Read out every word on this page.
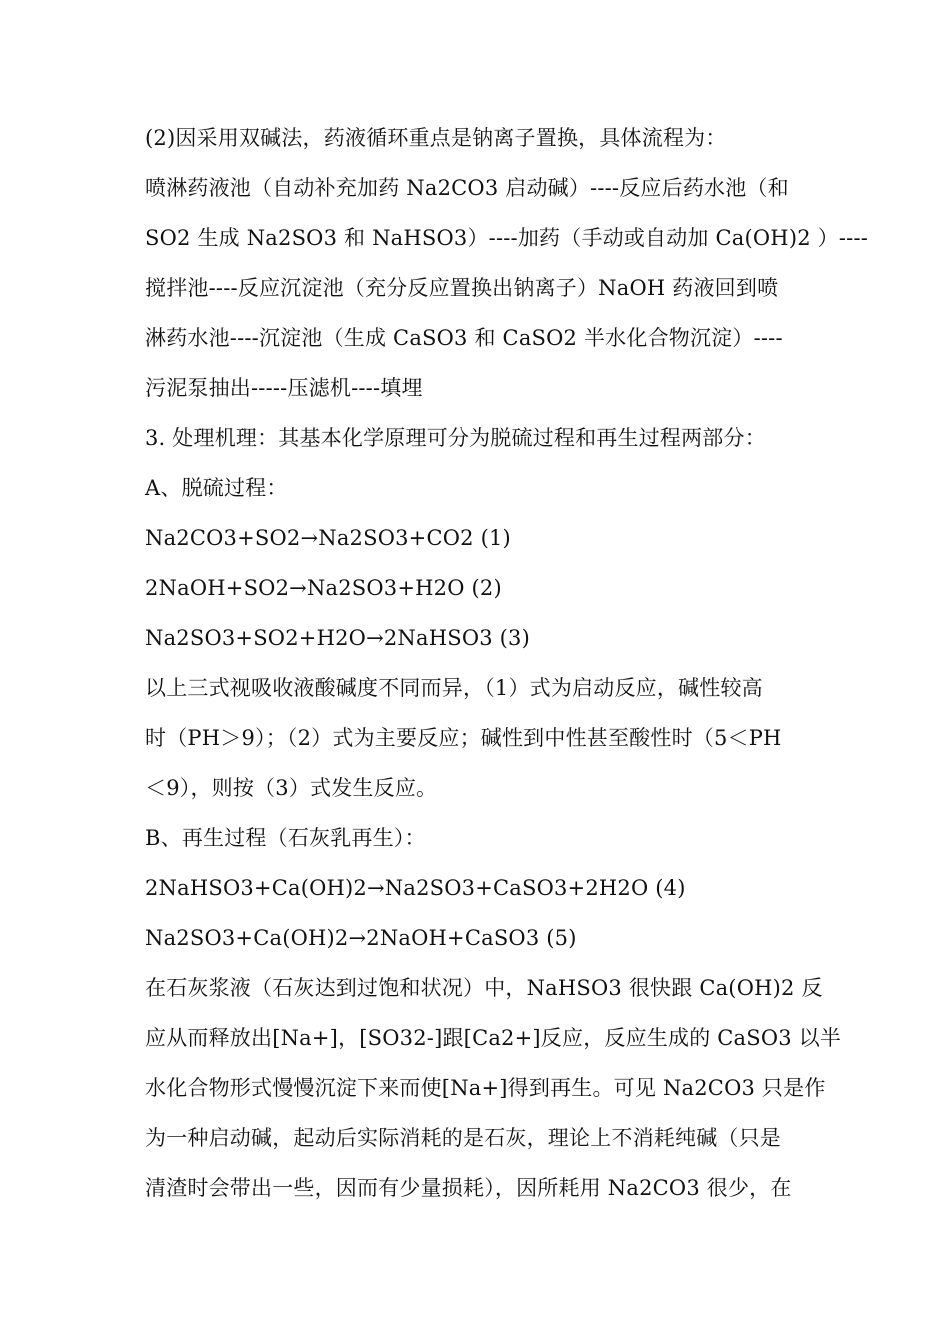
(2)因采用双碱法，药液循环重点是钠离子置换，具体流程为：
喷淋药液池（自动补充加药 Na2CO3 启动碱）----反应后药水池（和
SO2 生成 Na2SO3 和 NaHSO3）----加药（手动或自动加 Ca(OH)2 ）----
搅拌池----反应沉淀池（充分反应置换出钠离子）NaOH 药液回到喷
淋药水池----沉淀池（生成 CaSO3 和 CaSO2 半水化合物沉淀）----
污泥泵抽出-----压滤机----填埋
3. 处理机理：其基本化学原理可分为脱硫过程和再生过程两部分：
A、脱硫过程：
Na2CO3+SO2→Na2SO3+CO2 (1)
2NaOH+SO2→Na2SO3+H2O (2)
Na2SO3+SO2+H2O→2NaHSO3 (3)
以上三式视吸收液酸碱度不同而异，（1）式为启动反应，碱性较高
时（PH＞9）；（2）式为主要反应；碱性到中性甚至酸性时（5＜PH
＜9），则按（3）式发生反应。
B、再生过程（石灰乳再生）：
2NaHSO3+Ca(OH)2→Na2SO3+CaSO3+2H2O (4)
Na2SO3+Ca(OH)2→2NaOH+CaSO3 (5)
在石灰浆液（石灰达到过饱和状况）中，NaHSO3 很快跟 Ca(OH)2 反
应从而释放出[Na+]，[SO32-]跟[Ca2+]反应，反应生成的 CaSO3 以半
水化合物形式慢慢沉淀下来而使[Na+]得到再生。可见 Na2CO3 只是作
为一种启动碱，起动后实际消耗的是石灰，理论上不消耗纯碱（只是
清渣时会带出一些，因而有少量损耗），因所耗用 Na2CO3 很少，在
